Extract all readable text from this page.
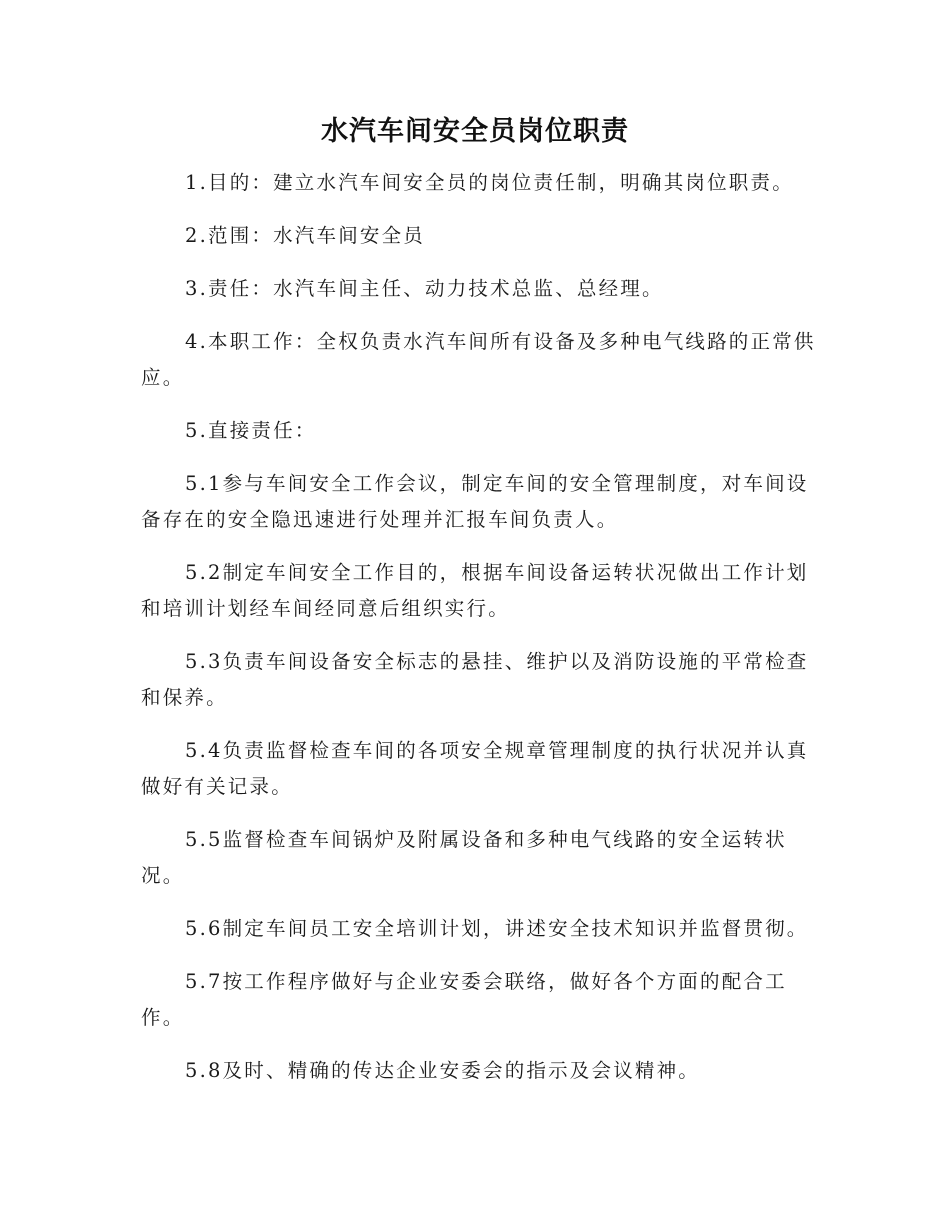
水汽车间安全员岗位职责

1.目的：建立水汽车间安全员的岗位责任制，明确其岗位职责。

2.范围：水汽车间安全员

3.责任：水汽车间主任、动力技术总监、总经理。

4.本职工作：全权负责水汽车间所有设备及多种电气线路的正常供应。

5.直接责任：

5.1参与车间安全工作会议，制定车间的安全管理制度，对车间设备存在的安全隐迅速进行处理并汇报车间负责人。

5.2制定车间安全工作目的，根据车间设备运转状况做出工作计划和培训计划经车间经同意后组织实行。

5.3负责车间设备安全标志的悬挂、维护以及消防设施的平常检查和保养。

5.4负责监督检查车间的各项安全规章管理制度的执行状况并认真做好有关记录。

5.5监督检查车间锅炉及附属设备和多种电气线路的安全运转状况。

5.6制定车间员工安全培训计划，讲述安全技术知识并监督贯彻。

5.7按工作程序做好与企业安委会联络，做好各个方面的配合工作。

5.8及时、精确的传达企业安委会的指示及会议精神。
